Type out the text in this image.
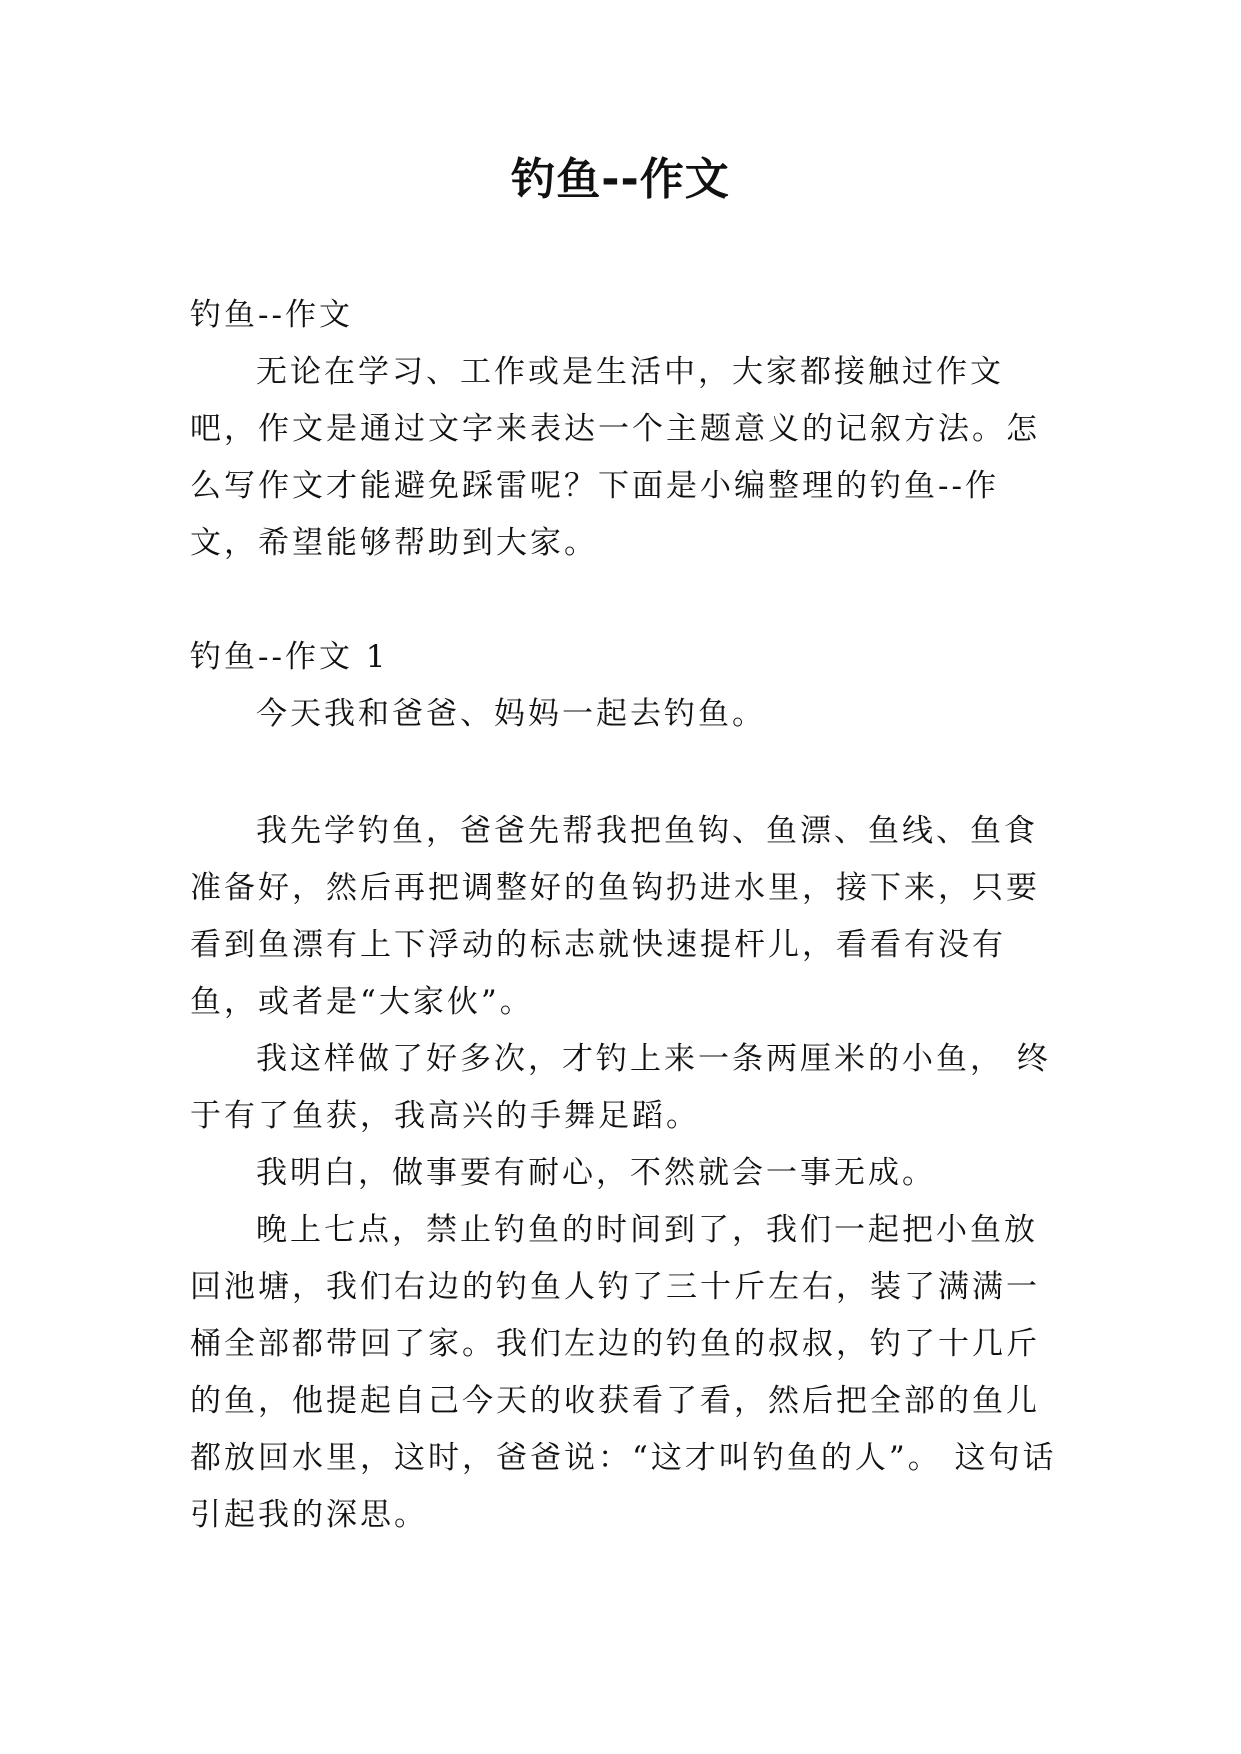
钓鱼--作文

钓鱼--作文

无论在学习、工作或是生活中，大家都接触过作文吧，作文是通过文字来表达一个主题意义的记叙方法。怎么写作文才能避免踩雷呢？下面是小编整理的钓鱼--作文，希望能够帮助到大家。

钓鱼--作文 1

今天我和爸爸、妈妈一起去钓鱼。

我先学钓鱼，爸爸先帮我把鱼钩、鱼漂、鱼线、鱼食准备好，然后再把调整好的鱼钩扔进水里，接下来，只要看到鱼漂有上下浮动的标志就快速提杆儿，看看有没有鱼，或者是“大家伙”。

我这样做了好多次，才钓上来一条两厘米的小鱼， 终于有了鱼获，我高兴的手舞足蹈。

我明白，做事要有耐心，不然就会一事无成。

晚上七点，禁止钓鱼的时间到了，我们一起把小鱼放回池塘，我们右边的钓鱼人钓了三十斤左右，装了满满一桶全部都带回了家。我们左边的钓鱼的叔叔，钓了十几斤的鱼，他提起自己今天的收获看了看，然后把全部的鱼儿都放回水里，这时，爸爸说：“这才叫钓鱼的人”。 这句话引起我的深思。
